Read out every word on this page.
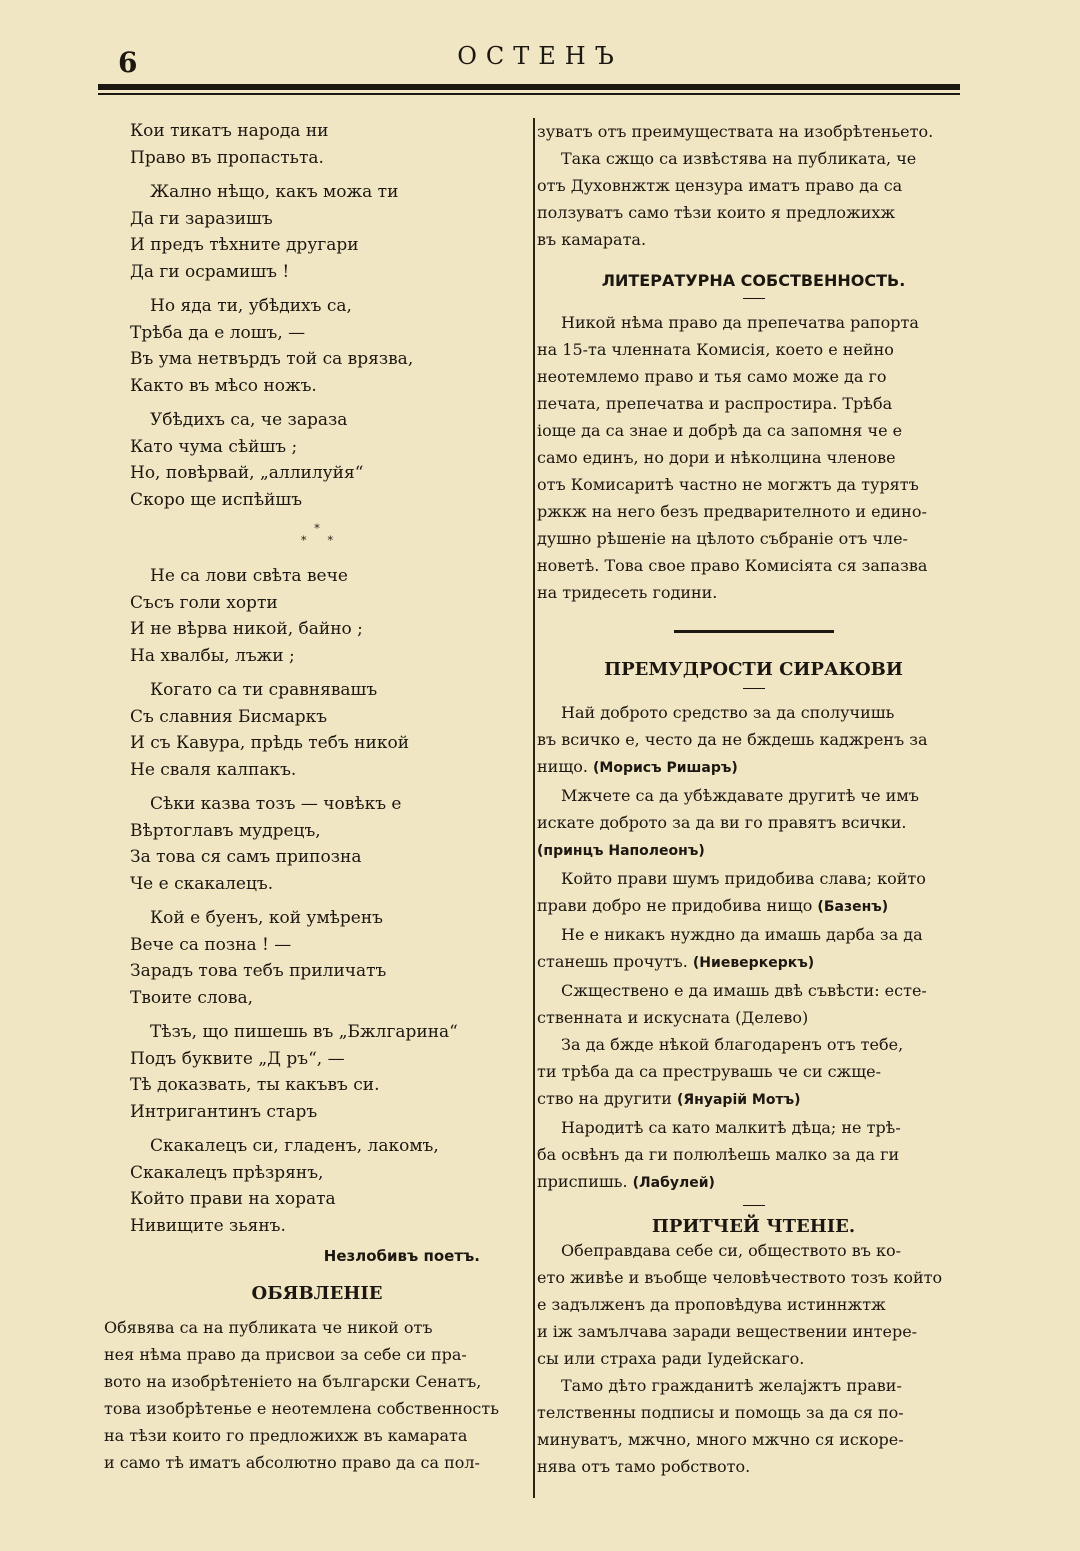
6	ОСТЕНЪ
Кои тикатъ народа ни
Право въ пропастьта.
Жално нѣщо, какъ можа ти
Да ги заразишъ
И предъ тѣхните другари
Да ги осрамишъ !
Но яда ти, убѣдихъ са,
Трѣба да е лошъ, —
Въ ума нетвърдъ той са врязва,
Както въ мѣсо ножъ.
Убѣдихъ са, че зараза
Като чума сѣйшъ ;
Но, повѣрвай, „аллилуйя“
Скоро ще испѣйшъ
*
* *
Не са лови свѣта вече
Съсъ голи хорти
И не вѣрва никой, байно ;
На хвалбы, лъжи ;
Когато са ти сравнявашъ
Съ славния Бисмаркъ
И съ Кавура, прѣдь тебъ никой
Не сваля калпакъ.
Сѣки казва тозъ — човѣкъ е
Вѣртоглавъ мудрецъ,
За това ся самъ припозна
Че е скакалецъ.
Кой е буенъ, кой умѣренъ
Вече са позна ! —
Зарадъ това тебъ приличатъ
Твоите слова,
Тѣзъ, що пишешь въ „Бжлгарина“
Подъ буквите „Д ръ“, —
Тѣ доказвать, ты какъвъ си.
Интригантинъ старъ
Скакалецъ си, гладенъ, лакомъ,
Скакалецъ прѣзрянъ,
Който прави на хората
Нивищите зьянъ.
Незлобивъ поетъ.
ОБЯВЛЕНIЕ

Обявява са на публиката че никой отъ

нея нѣма право да присвои за себе си пра-

вото на изобрѣтенiето на български Сенатъ,

това изобрѣтенье е неотемлена собственность

на тѣзи които го предложихж въ камарата

и само тѣ иматъ абсолютно право да са пол-

зуватъ отъ преимуществата на изобрѣтеньето.

Така сжщо са извѣстява на публиката, че

отъ Духовнжтж цензура иматъ право да са

ползуватъ само тѣзи които я предложихж

въ камарата.

ЛИТЕРАТУРНА СОБСТВЕННОСТЬ.

Никой нѣма право да препечатва рапорта

на 15-та членната Комисiя, което е нейно

неотемлемо право и тья само може да го

печата, препечатва и распростира. Трѣба

iоще да са знае и добрѣ да са запомня че е

само единъ, но дори и нѣколцина членове

отъ Комисаритѣ частно не могжтъ да турятъ

ржкж на него безъ предварителното и едино-

душно рѣшенiе на цѣлото събранiе отъ чле-

новетѣ. Това свое право Комисiята ся запазва

на тридесеть години.

ПРЕМУДРОСТИ СИРАКОВИ

Най доброто средство за да сполучишь

въ всичко е, често да не бждешь каджренъ за

нищо. (Морисъ Ришаръ)

Мжчете са да убѣждавате другитѣ че имъ

искате доброто за да ви го правятъ всички.

(принцъ Наполеонъ)

Който прави шумъ придобива слава; който

прави добро не придобива нищо (Базенъ)

Не е никакъ нуждно да имашь дарба за да

станешь прочутъ. (Ниеверкеркъ)

Сжществено е да имашь двѣ съвѣсти: есте-

ственната и искусната (Делево)

За да бжде нѣкой благодаренъ отъ тебе,

ти трѣба да са преструвашь че си сжще-

ство на другити (Януарiй Мотъ)

Народитѣ са като малкитѣ дѣца; не трѣ-

ба освѣнъ да ги полюлѣешь малко за да ги

приспишь. (Лабулей)

ПРИТЧЕЙ ЧТЕНIЕ.

Обеправдава себе си, обществото въ ко-

ето живѣе и въобще человѣчеството тозъ който

е задълженъ да проповѣдува истиннжтж

и iж замълчава заради веществении интере-

сы или страха ради Iудейскаго.

Тамо дѣто гражданитѣ желаjжтъ прави-

телственны подписы и помощь за да ся по-

минуватъ, мжчно, много мжчно ся искоре-

нява отъ тамо робството.
